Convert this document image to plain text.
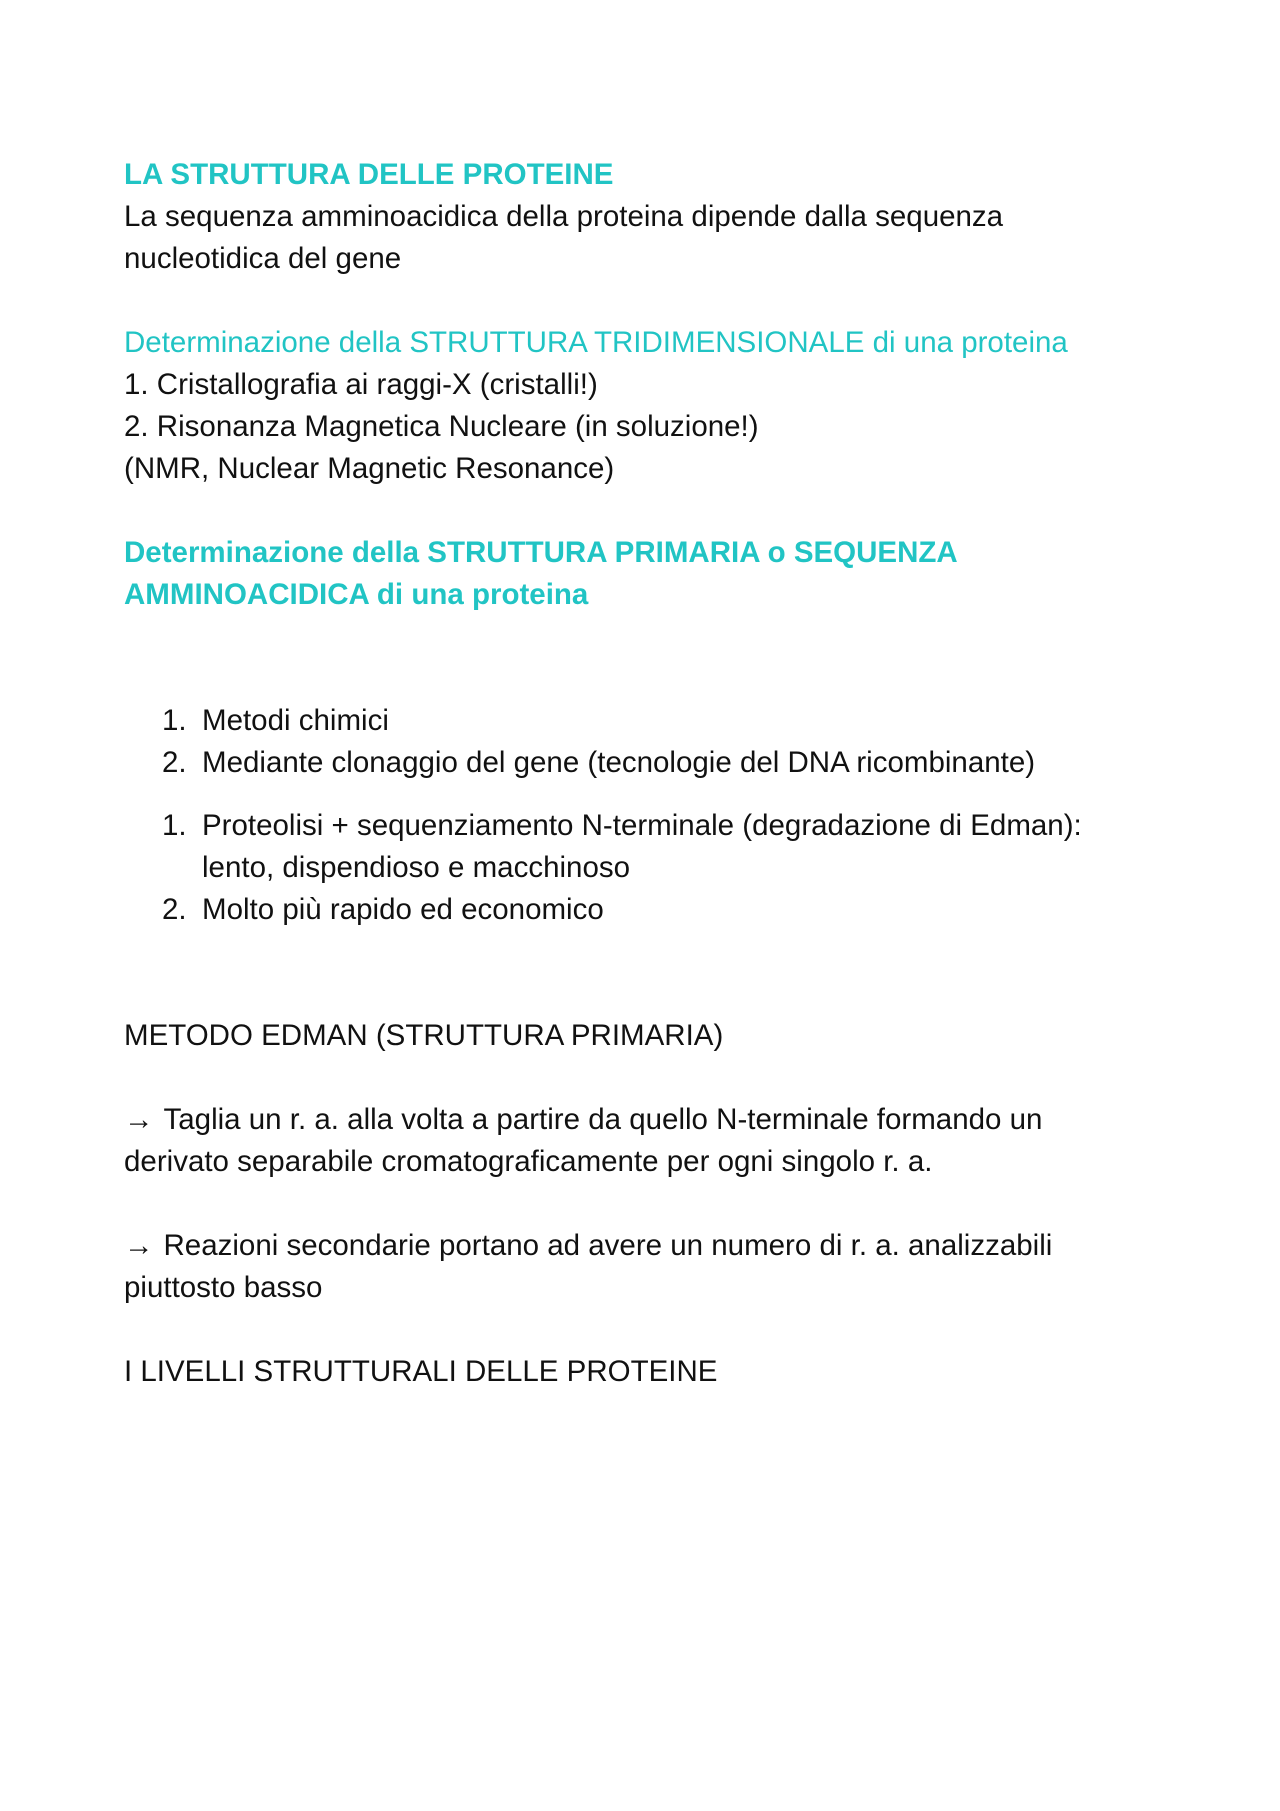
LA STRUTTURA DELLE PROTEINE
La sequenza amminoacidica della proteina dipende dalla sequenza
nucleotidica del gene
Determinazione della STRUTTURA TRIDIMENSIONALE di una proteina
1. Cristallografia ai raggi-X (cristalli!)
2. Risonanza Magnetica Nucleare (in soluzione!)
(NMR, Nuclear Magnetic Resonance)
Determinazione della STRUTTURA PRIMARIA o SEQUENZA
AMMINOACIDICA di una proteina
1. Metodi chimici
2. Mediante clonaggio del gene (tecnologie del DNA ricombinante)
1. Proteolisi + sequenziamento N-terminale (degradazione di Edman):
lento, dispendioso e macchinoso
2. Molto più rapido ed economico
METODO EDMAN (STRUTTURA PRIMARIA)
→ Taglia un r. a. alla volta a partire da quello N-terminale formando un
derivato separabile cromatograficamente per ogni singolo r. a.
→ Reazioni secondarie portano ad avere un numero di r. a. analizzabili
piuttosto basso
I LIVELLI STRUTTURALI DELLE PROTEINE
